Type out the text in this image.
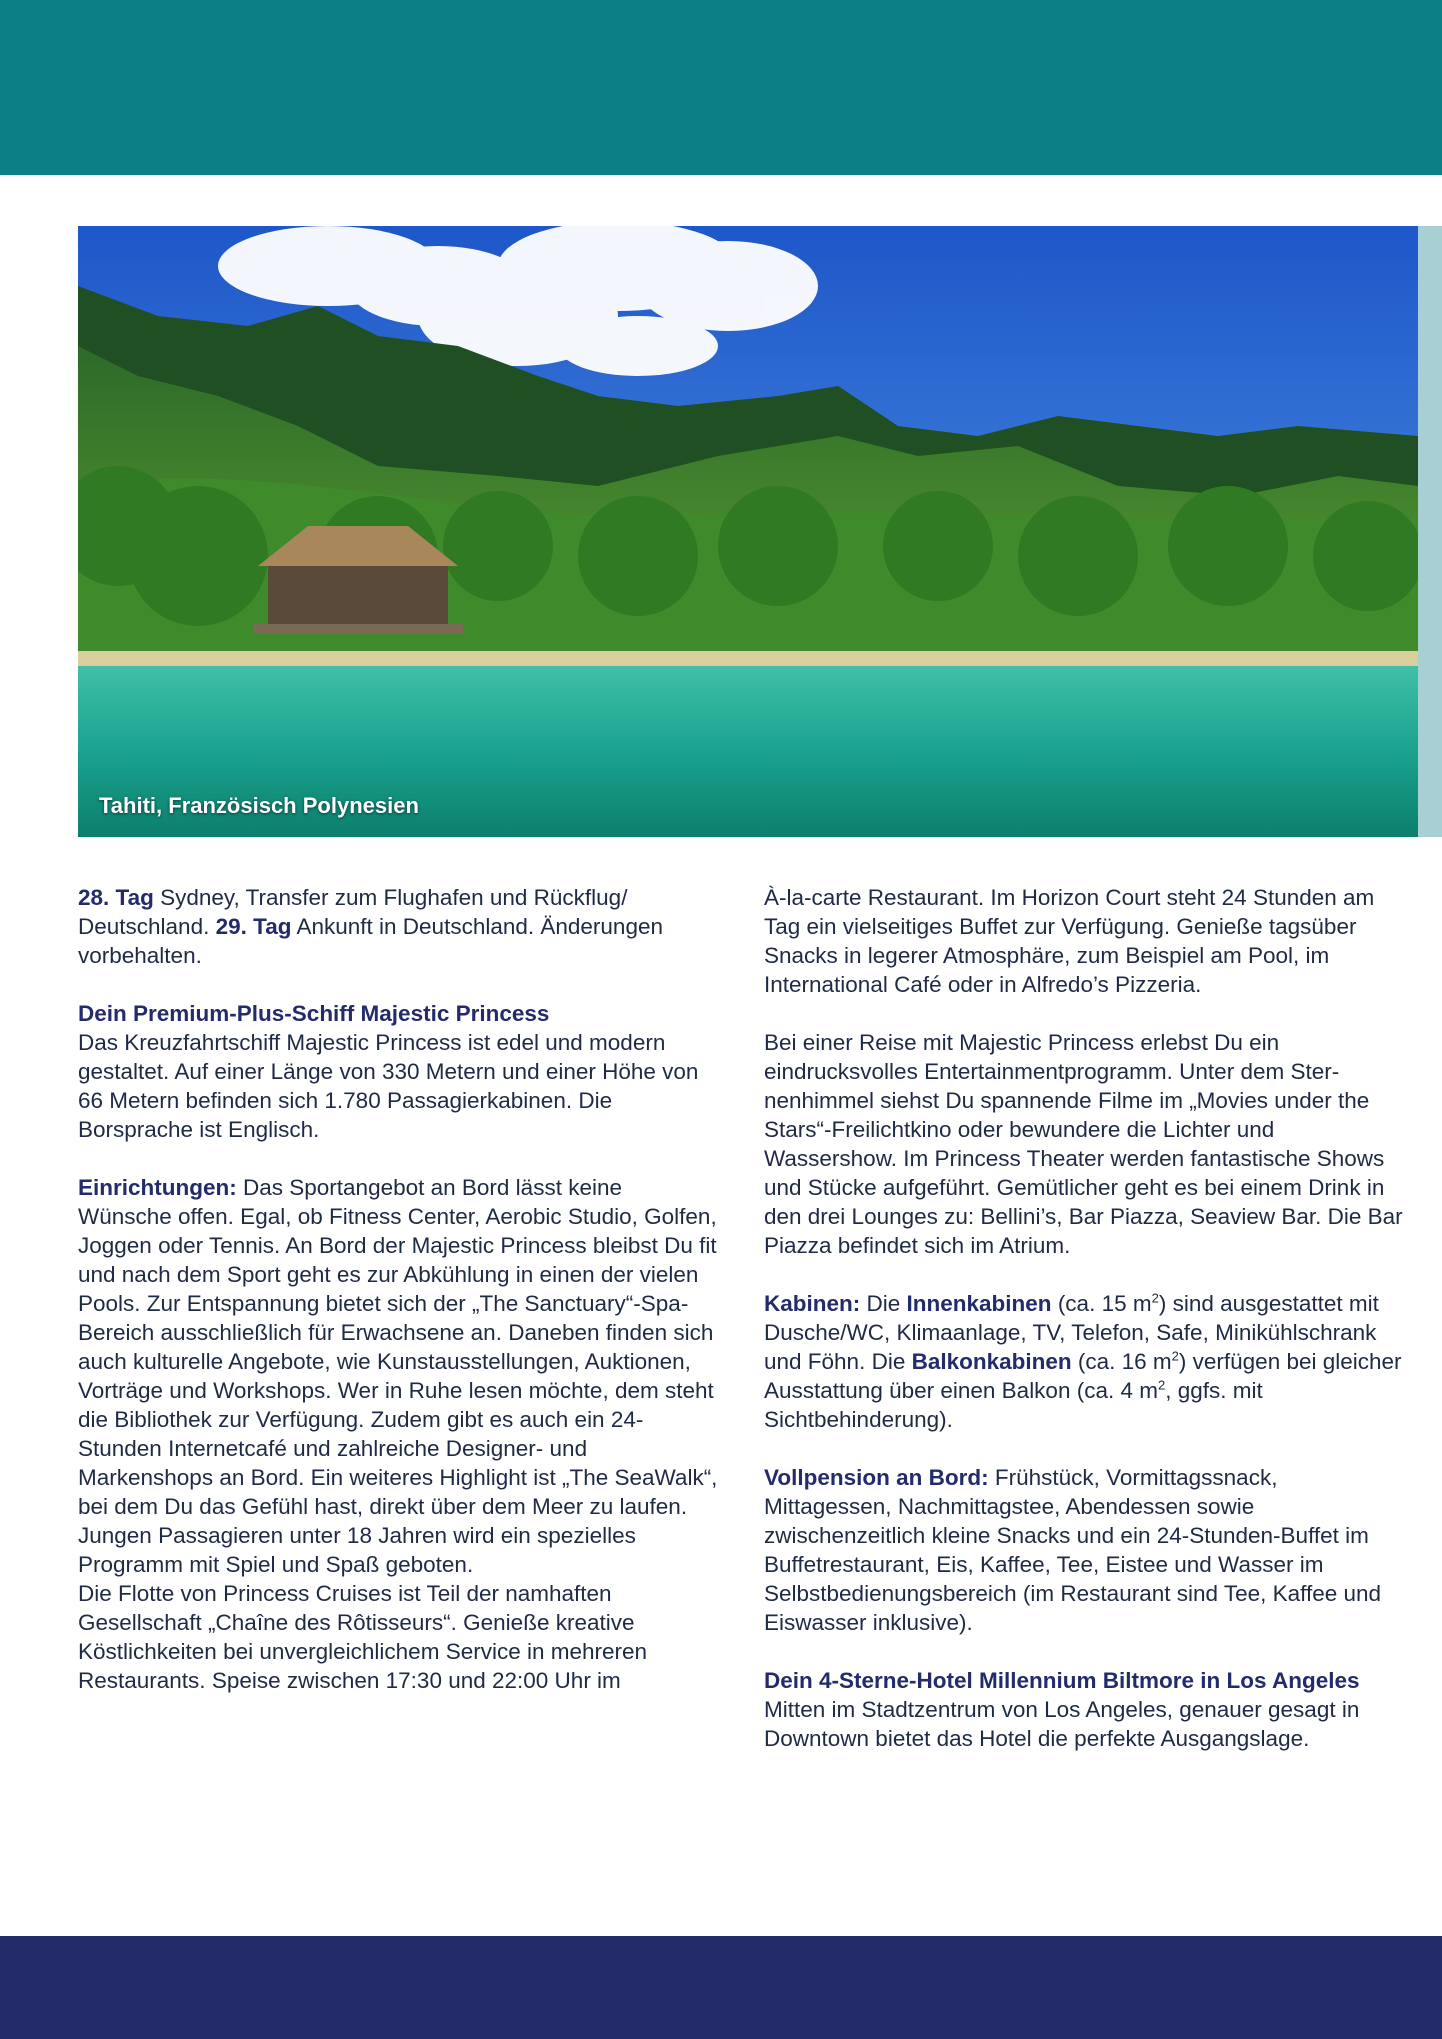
Tahiti, Französisch Polynesien

28. Tag Sydney, Transfer zum Flughafen und Rückflug/ Deutschland. 29. Tag Ankunft in Deutschland. Änderungen vorbehalten.

Dein Premium-Plus-Schiff Majestic Princess
Das Kreuzfahrtschiff Majestic Princess ist edel und modern gestaltet. Auf einer Länge von 330 Metern und einer Höhe von 66 Metern befinden sich 1.780 Passagierkabinen. Die Borsprache ist Englisch.

Einrichtungen: Das Sportangebot an Bord lässt keine Wünsche offen. Egal, ob Fitness Center, Aerobic Studio, Golfen, Joggen oder Tennis. An Bord der Majestic Princess bleibst Du fit und nach dem Sport geht es zur Abkühlung in einen der vielen Pools. Zur Entspannung bietet sich der „The Sanctuary“-Spa-Bereich ausschließlich für Erwachsene an. Daneben finden sich auch kulturelle Angebote, wie Kunstausstellungen, Auktionen, Vorträge und Workshops. Wer in Ruhe lesen möchte, dem steht die Bibliothek zur Verfügung. Zudem gibt es auch ein 24-Stunden Internetcafé und zahlreiche Designer- und Markenshops an Bord. Ein weiteres Highlight ist „The SeaWalk“, bei dem Du das Gefühl hast, direkt über dem Meer zu laufen. Jungen Passagieren unter 18 Jahren wird ein spezielles Programm mit Spiel und Spaß geboten.

Die Flotte von Princess Cruises ist Teil der namhaften Gesellschaft „Chaîne des Rôtisseurs“. Genieße kreative Köstlichkeiten bei unvergleichlichem Service in mehreren Restaurants. Speise zwischen 17:30 und 22:00 Uhr im

À-la-carte Restaurant. Im Horizon Court steht 24 Stunden am Tag ein vielseitiges Buffet zur Verfügung. Genieße tagsüber Snacks in legerer Atmosphäre, zum Beispiel am Pool, im International Café oder in Alfredo’s Pizzeria.

Bei einer Reise mit Majestic Princess erlebst Du ein eindrucksvolles Entertainmentprogramm. Unter dem Sternenhimmel siehst Du spannende Filme im „Movies under the Stars“-Freilichtkino oder bewundere die Lichter und Wassershow. Im Princess Theater werden fantastische Shows und Stücke aufgeführt. Gemütlicher geht es bei einem Drink in den drei Lounges zu: Bellini’s, Bar Piazza, Seaview Bar. Die Bar Piazza befindet sich im Atrium.

Kabinen: Die Innenkabinen (ca. 15 $m^2$) sind ausgestattet mit Dusche/WC, Klimaanlage, TV, Telefon, Safe, Minikühlschrank und Föhn. Die Balkonkabinen (ca. 16 $m^2$) verfügen bei gleicher Ausstattung über einen Balkon (ca. 4 $m^2$, ggfs. mit Sichtbehinderung).

Vollpension an Bord: Frühstück, Vormittagssnack, Mittagessen, Nachmittagstee, Abendessen sowie zwischenzeitlich kleine Snacks und ein 24-Stunden-Buffet im Buffetrestaurant, Eis, Kaffee, Tee, Eistee und Wasser im Selbstbedienungsbereich (im Restaurant sind Tee, Kaffee und Eiswasser inklusive).

Dein 4-Sterne-Hotel Millennium Biltmore in Los Angeles
Mitten im Stadtzentrum von Los Angeles, genauer gesagt in Downtown bietet das Hotel die perfekte Ausgangslage.
